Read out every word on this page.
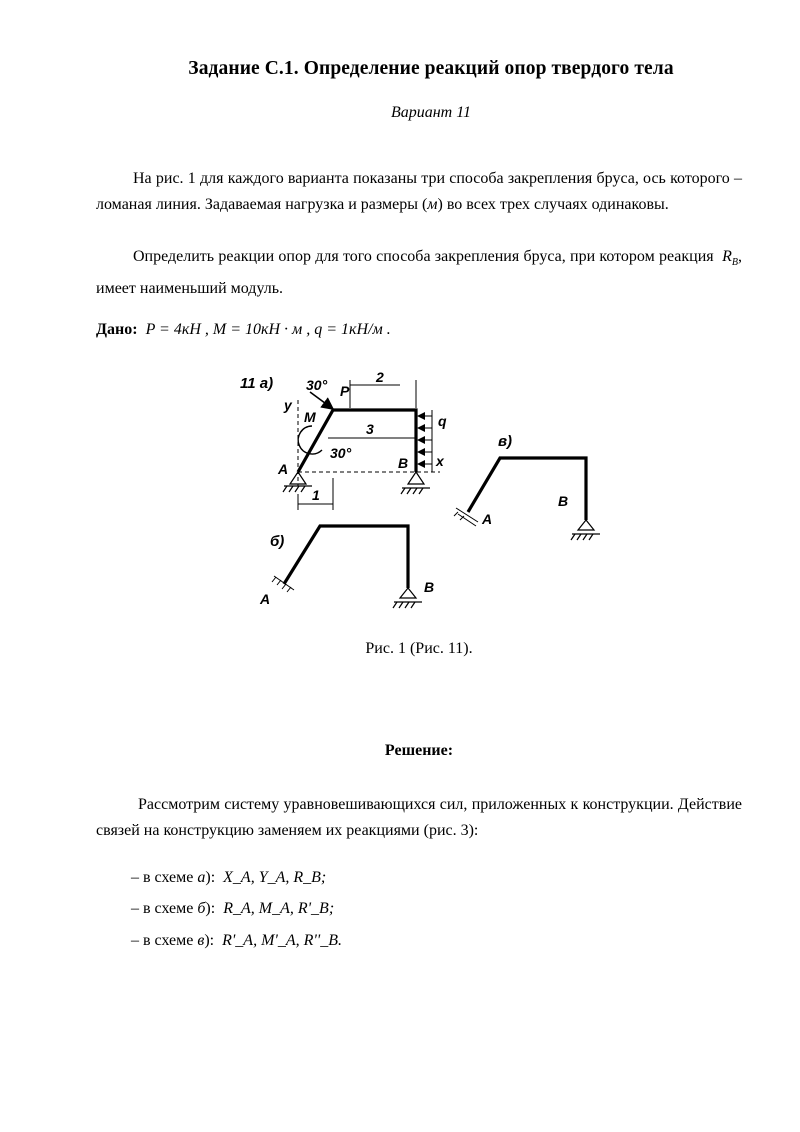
Задание С.1. Определение реакций опор твердого тела
Вариант 11
На рис. 1 для каждого варианта показаны три способа закрепления бруса, ось которого – ломаная линия. Задаваемая нагрузка и размеры (м) во всех трех случаях одинаковы.
Определить реакции опор для того способа закрепления бруса, при котором реакция $R_B$, имеет наименьший модуль.
Дано: P = 4кН , M = 10кН · м , q = 1кН/м .
11 а)
y
x
30° P
2
3
M
30°
q
A	B
1
б)
A
B
в)
A
B
Рис. 1 (Рис. 11).
Решение:
Рассмотрим систему уравновешивающихся сил, приложенных к конструкции. Действие связей на конструкцию заменяем их реакциями (рис. 3):
– в схеме а):  X_A, Y_A, R_B;
– в схеме б):  R_A, M_A, R'_B;
– в схеме в):  R'_A, M'_A, R''_B.
